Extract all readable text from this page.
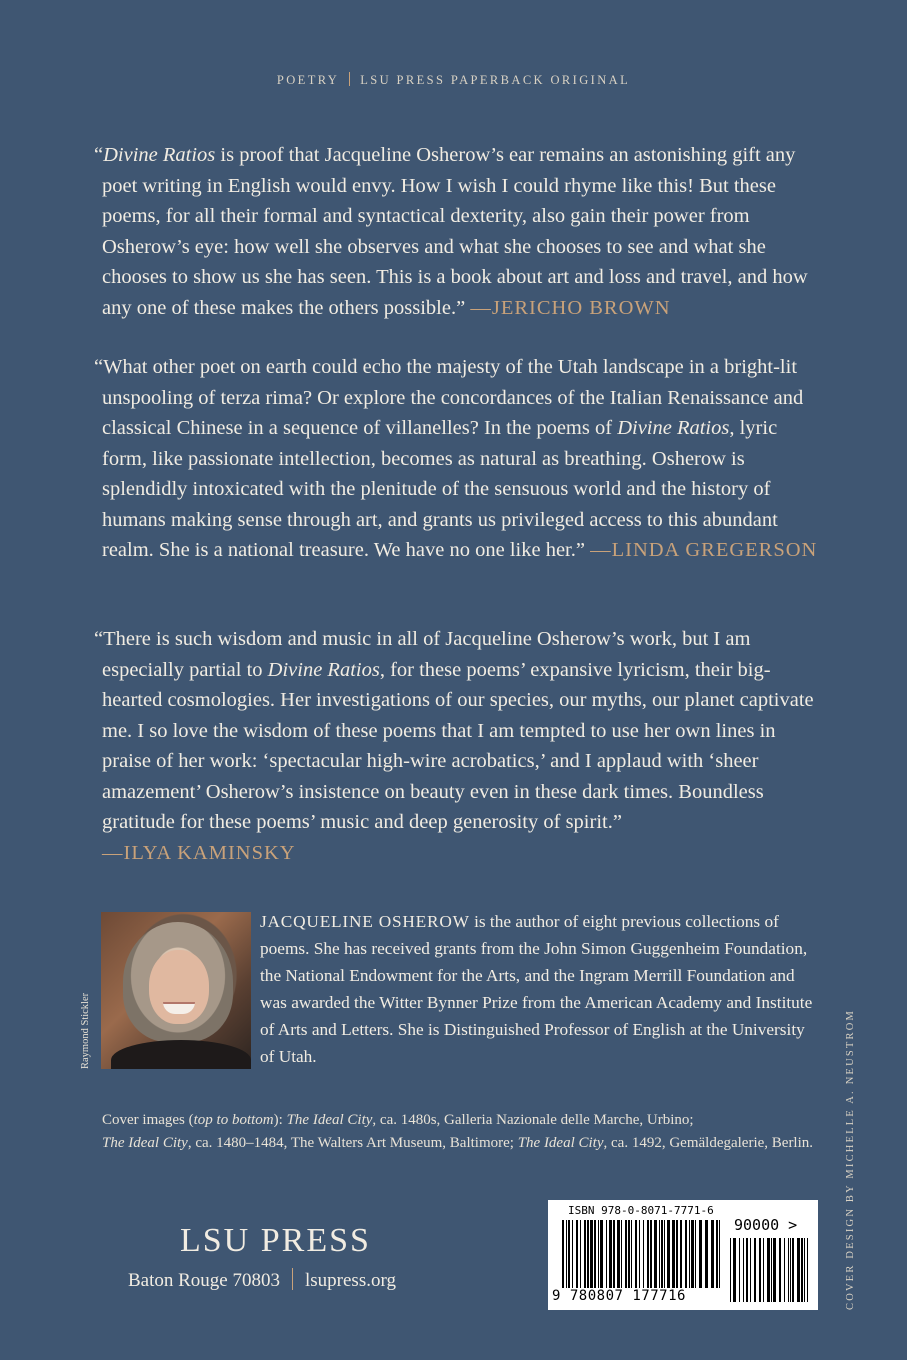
POETRY LSU PRESS PAPERBACK ORIGINAL
“Divine Ratios is proof that Jacqueline Osherow’s ear remains an astonishing gift any poet writing in English would envy. How I wish I could rhyme like this! But these poems, for all their formal and syntactical dexterity, also gain their power from Osherow’s eye: how well she observes and what she chooses to see and what she chooses to show us she has seen. This is a book about art and loss and travel, and how any one of these makes the others possible.” —JERICHO BROWN
“What other poet on earth could echo the majesty of the Utah landscape in a bright-lit unspooling of terza rima? Or explore the concordances of the Italian Renaissance and classical Chinese in a sequence of villanelles? In the poems of Divine Ratios, lyric form, like passionate intellection, becomes as natural as breathing. Osherow is splendidly intoxicated with the plenitude of the sensuous world and the history of humans making sense through art, and grants us privileged access to this abundant realm. She is a national treasure. We have no one like her.” —LINDA GREGERSON
“There is such wisdom and music in all of Jacqueline Osherow’s work, but I am especially partial to Divine Ratios, for these poems’ expansive lyricism, their big-hearted cosmologies. Her investigations of our species, our myths, our planet captivate me. I so love the wisdom of these poems that I am tempted to use her own lines in praise of her work: ‘spectacular high-wire acrobatics,’ and I applaud with ‘sheer amazement’ Osherow’s insistence on beauty even in these dark times. Boundless gratitude for these poems’ music and deep generosity of spirit.”
—ILYA KAMINSKY
Raymond Stickler
JACQUELINE OSHEROW is the author of eight previous collections of poems. She has received grants from the John Simon Guggenheim Foundation, the National Endowment for the Arts, and the Ingram Merrill Foundation and was awarded the Witter Bynner Prize from the American Academy and Institute of Arts and Letters. She is Distinguished Professor of English at the University of Utah.
Cover images (top to bottom): The Ideal City, ca. 1480s, Galleria Nazionale delle Marche, Urbino;
The Ideal City, ca. 1480–1484, The Walters Art Museum, Baltimore; The Ideal City, ca. 1492, Gemäldegalerie, Berlin.
LSU PRESS
Baton Rouge 70803 lsupress.org
ISBN 978-0-8071-7771-6
90000 >
9 780807 177716	COVER DESIGN BY MICHELLE A. NEUSTROM
